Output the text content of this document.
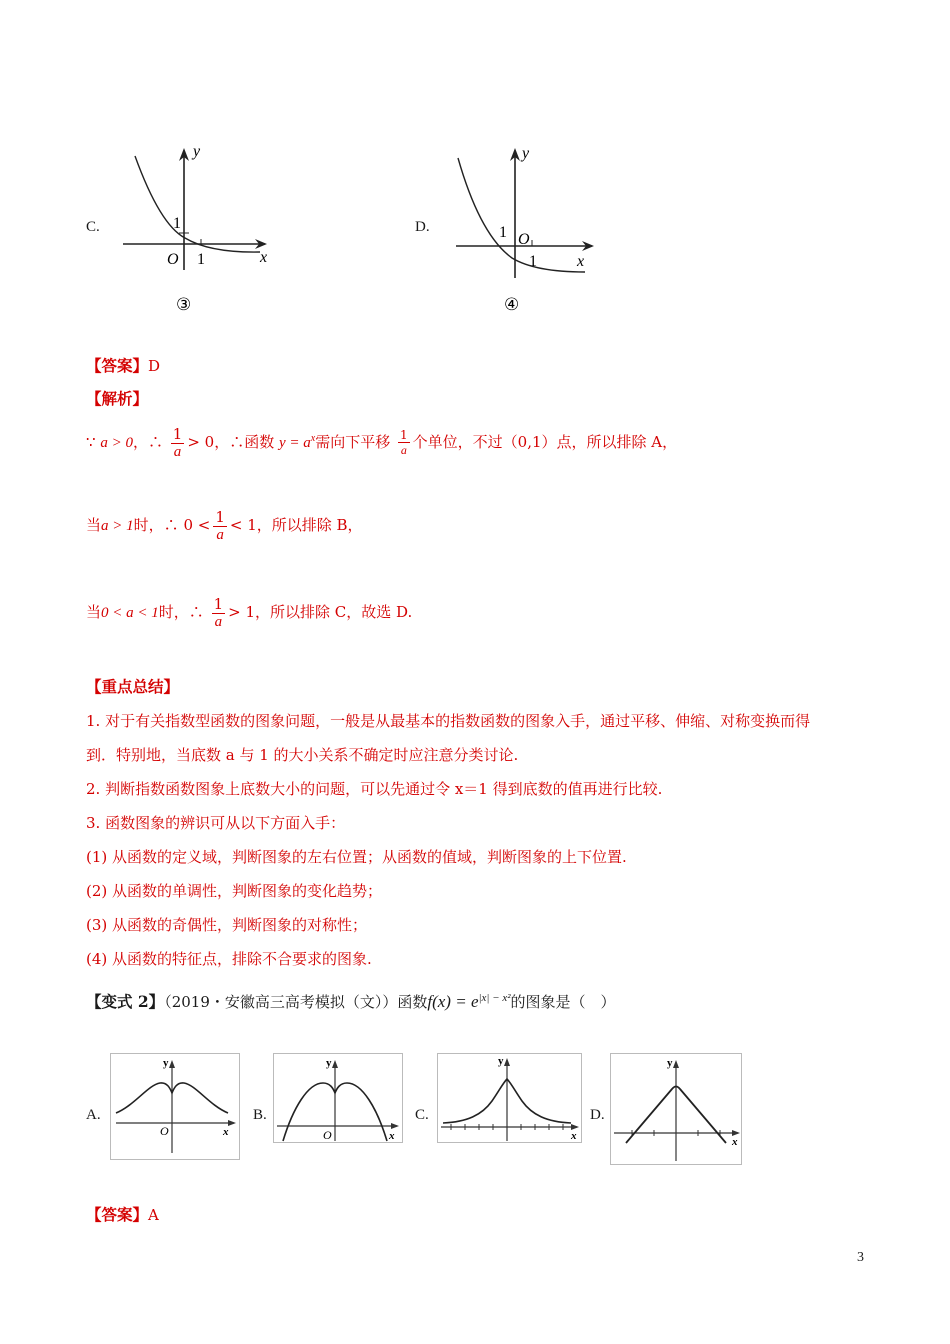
C.
y
x
O 1
1
③
D.
y
x
O
1
1
④
【答案】D
【解析】
∵ a > 0，∴ $\frac{1}{a} > 0$，∴函数 $y = a^x$需向下平移 $\frac{1}{a}$ 个单位，不过（0,1）点，所以排除 A，
当a > 1时，∴ $0 < \frac{1}{a} < 1$，所以排除 B，
当0 < a < 1时，∴ $\frac{1}{a} > 1$，所以排除 C，故选 D.
【重点总结】
1. 对于有关指数型函数的图象问题，一般是从最基本的指数函数的图象入手，通过平移、伸缩、对称变换而得
到．特别地，当底数 a 与 1 的大小关系不确定时应注意分类讨论.
2. 判断指数函数图象上底数大小的问题，可以先通过令 x＝1 得到底数的值再进行比较.
3. 函数图象的辨识可从以下方面入手：
(1) 从函数的定义域，判断图象的左右位置；从函数的值域，判断图象的上下位置.
(2) 从函数的单调性，判断图象的变化趋势；
(3) 从函数的奇偶性，判断图象的对称性；
(4) 从函数的特征点，排除不合要求的图象.
【变式 2】（2019・安徽高三高考模拟（文））函数$f(x) = e^{|x| - x^2}$的图象是（　）
A.
y
x
O
B.
y
x
O
C.
y
x
D.
y
x
【答案】A
3
